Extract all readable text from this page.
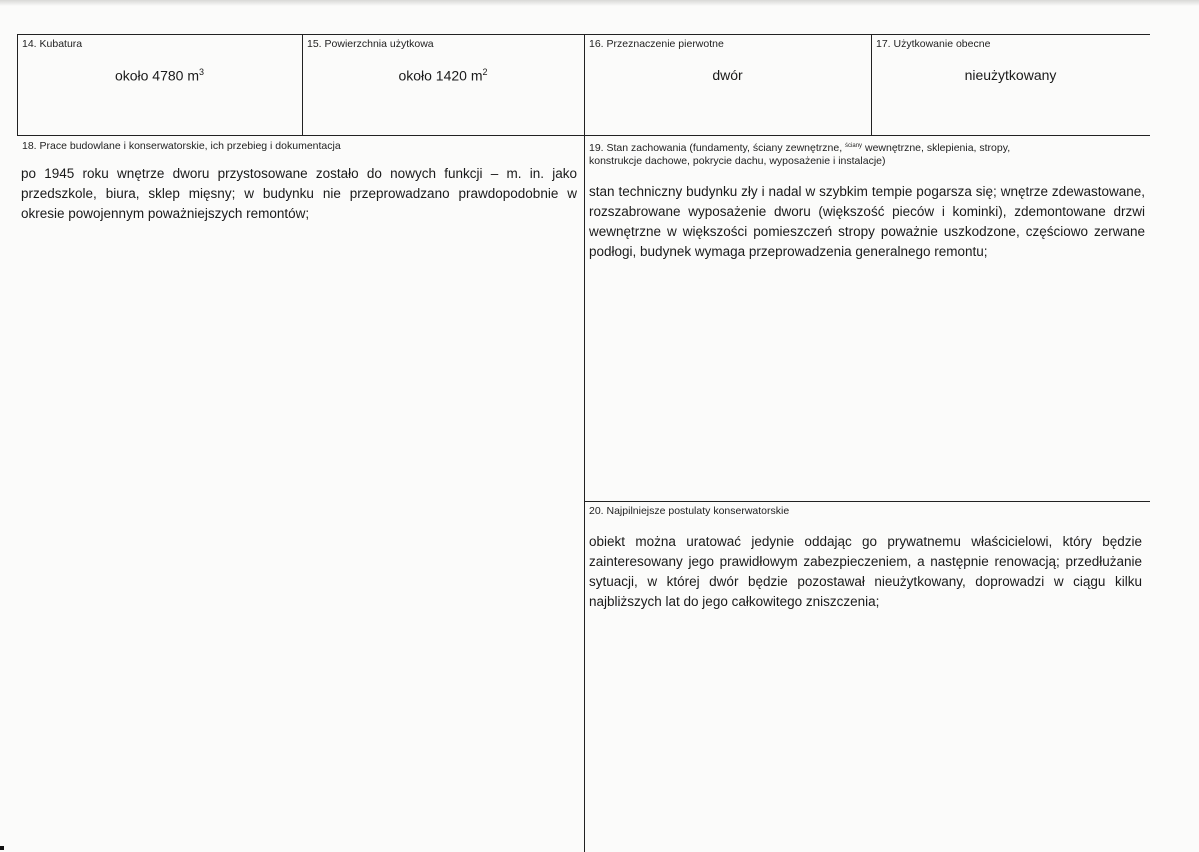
14. Kubatura
około 4780 $m^3$
15. Powierzchnia użytkowa
około 1420 $m^2$
16. Przeznaczenie pierwotne
dwór
17. Użytkowanie obecne
nieużytkowany
18. Prace budowlane i konserwatorskie, ich przebieg i dokumentacja
po 1945 roku wnętrze dworu przystosowane zostało do nowych funkcji – m. in. jako przedszkole, biura, sklep mięsny; w budynku nie przeprowadzano prawdopodobnie w okresie powojennym poważniejszych remontów;
19. Stan zachowania (fundamenty, ściany zewnętrzne, $^{ściany}$ wewnętrzne, sklepienia, stropy,
konstrukcje dachowe, pokrycie dachu, wyposażenie i instalacje)
stan techniczny budynku zły i nadal w szybkim tempie pogarsza się; wnętrze zdewastowane, rozszabrowane wyposażenie dworu (większość pieców i kominki), zdemontowane drzwi wewnętrzne w większości pomieszczeń stropy poważnie uszkodzone, częściowo zerwane podłogi, budynek wymaga przeprowadzenia generalnego remontu;
20. Najpilniejsze postulaty konserwatorskie
obiekt można uratować jedynie oddając go prywatnemu właścicielowi, który będzie zainteresowany jego prawidłowym zabezpieczeniem, a następnie renowacją; przedłużanie sytuacji, w której dwór będzie pozostawał nieużytkowany, doprowadzi w ciągu kilku najbliższych lat do jego całkowitego zniszczenia;
